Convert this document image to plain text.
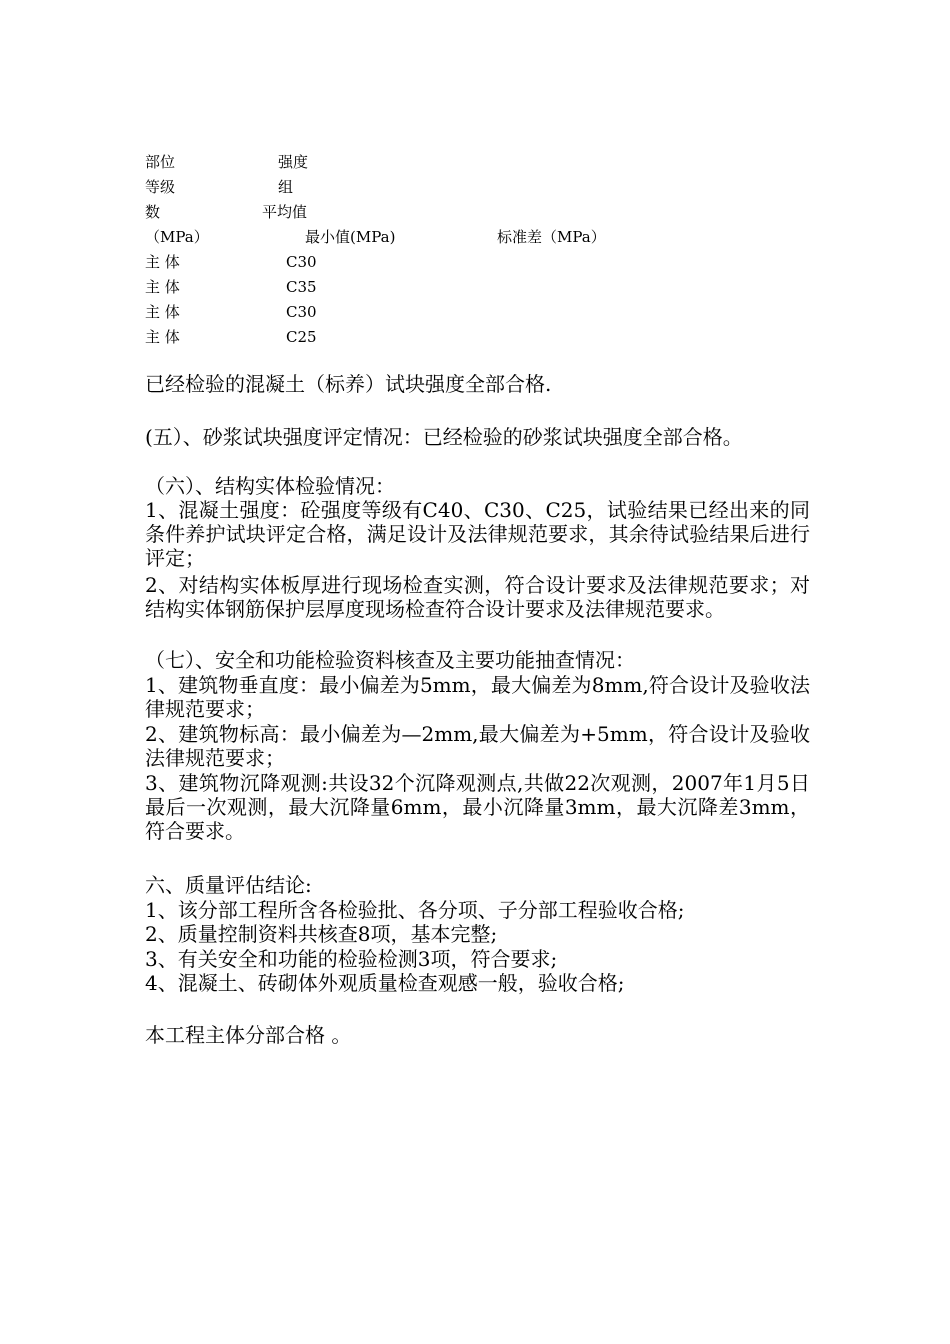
部位	强度
等级	组
数	平均值
（MPa）	最小值(MPa)	标准差（MPa）
主 体	C30
主 体	C35
主 体	C30
主 体	C25

已经检验的混凝土（标养）试块强度全部合格.

(五）、砂浆试块强度评定情况：已经检验的砂浆试块强度全部合格。

（六）、结构实体检验情况：

1、混凝土强度：砼强度等级有C40、C30、C25，试验结果已经出来的同条件养护试块评定合格，满足设计及法律规范要求，其余待试验结果后进行评定；

2、对结构实体板厚进行现场检查实测，符合设计要求及法律规范要求；对结构实体钢筋保护层厚度现场检查符合设计要求及法律规范要求。

（七）、安全和功能检验资料核查及主要功能抽查情况：

1、建筑物垂直度：最小偏差为5mm，最大偏差为8mm,符合设计及验收法律规范要求；

2、建筑物标高：最小偏差为—2mm,最大偏差为+5mm，符合设计及验收法律规范要求；

3、建筑物沉降观测:共设32个沉降观测点,共做22次观测，2007年1月5日最后一次观测，最大沉降量6mm，最小沉降量3mm，最大沉降差3mm，符合要求。

六、质量评估结论:

1、该分部工程所含各检验批、各分项、子分部工程验收合格;

2、质量控制资料共核查8项，基本完整;

3、有关安全和功能的检验检测3项，符合要求;

4、混凝土、砖砌体外观质量检查观感一般，验收合格;

本工程主体分部合格 。
